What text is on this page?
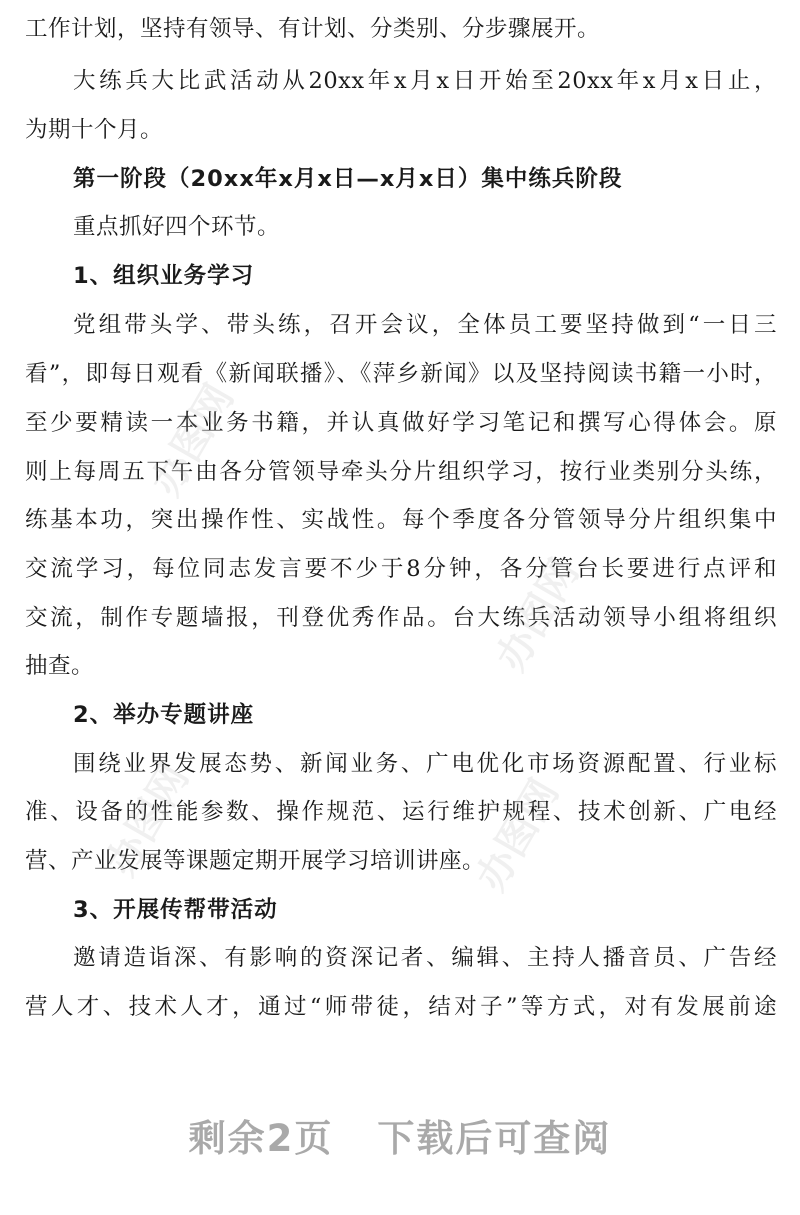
工作计划，坚持有领导、有计划、分类别、分步骤展开。
大练兵大比武活动从20xx年x月x日开始至20xx年x月x日止，
为期十个月。
第一阶段（20xx年x月x日—x月x日）集中练兵阶段
重点抓好四个环节。
1、组织业务学习
党组带头学、带头练，召开会议，全体员工要坚持做到“一日三
看”，即每日观看《新闻联播》、《萍乡新闻》以及坚持阅读书籍一小时，
至少要精读一本业务书籍，并认真做好学习笔记和撰写心得体会。原
则上每周五下午由各分管领导牵头分片组织学习，按行业类别分头练，
练基本功，突出操作性、实战性。每个季度各分管领导分片组织集中
交流学习，每位同志发言要不少于8分钟，各分管台长要进行点评和
交流，制作专题墙报，刊登优秀作品。台大练兵活动领导小组将组织
抽查。
2、举办专题讲座
围绕业界发展态势、新闻业务、广电优化市场资源配置、行业标
准、设备的性能参数、操作规范、运行维护规程、技术创新、广电经
营、产业发展等课题定期开展学习培训讲座。
3、开展传帮带活动
邀请造诣深、有影响的资深记者、编辑、主持人播音员、广告经
营人才、技术人才，通过“师带徒，结对子”等方式，对有发展前途
办图网
办图网
办图网	办图网
剩余2页 下载后可查阅
